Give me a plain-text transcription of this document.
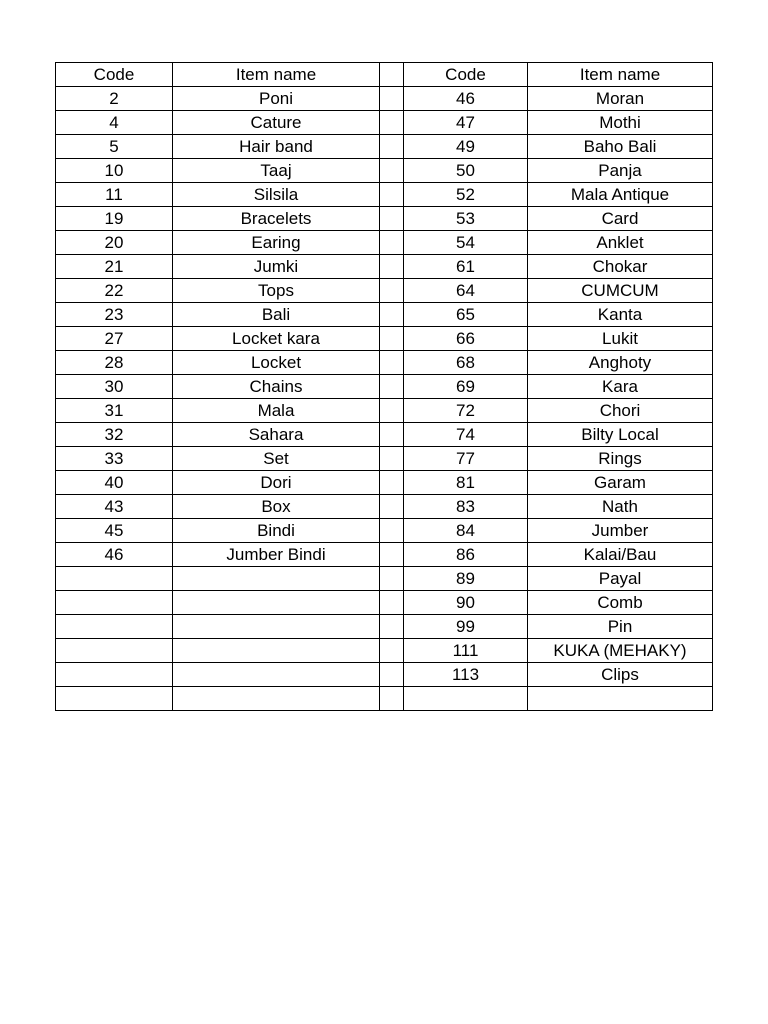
Code	Item name		Code	Item name
2	Poni		46	Moran
4	Cature		47	Mothi
5	Hair band		49	Baho Bali
10	Taaj		50	Panja
11	Silsila		52	Mala Antique
19	Bracelets		53	Card
20	Earing		54	Anklet
21	Jumki		61	Chokar
22	Tops		64	CUMCUM
23	Bali		65	Kanta
27	Locket kara		66	Lukit
28	Locket		68	Anghoty
30	Chains		69	Kara
31	Mala		72	Chori
32	Sahara		74	Bilty Local
33	Set		77	Rings
40	Dori		81	Garam
43	Box		83	Nath
45	Bindi		84	Jumber
46	Jumber Bindi		86	Kalai/Bau
			89	Payal
			90	Comb
			99	Pin
			111	KUKA (MEHAKY)
			113	Clips
